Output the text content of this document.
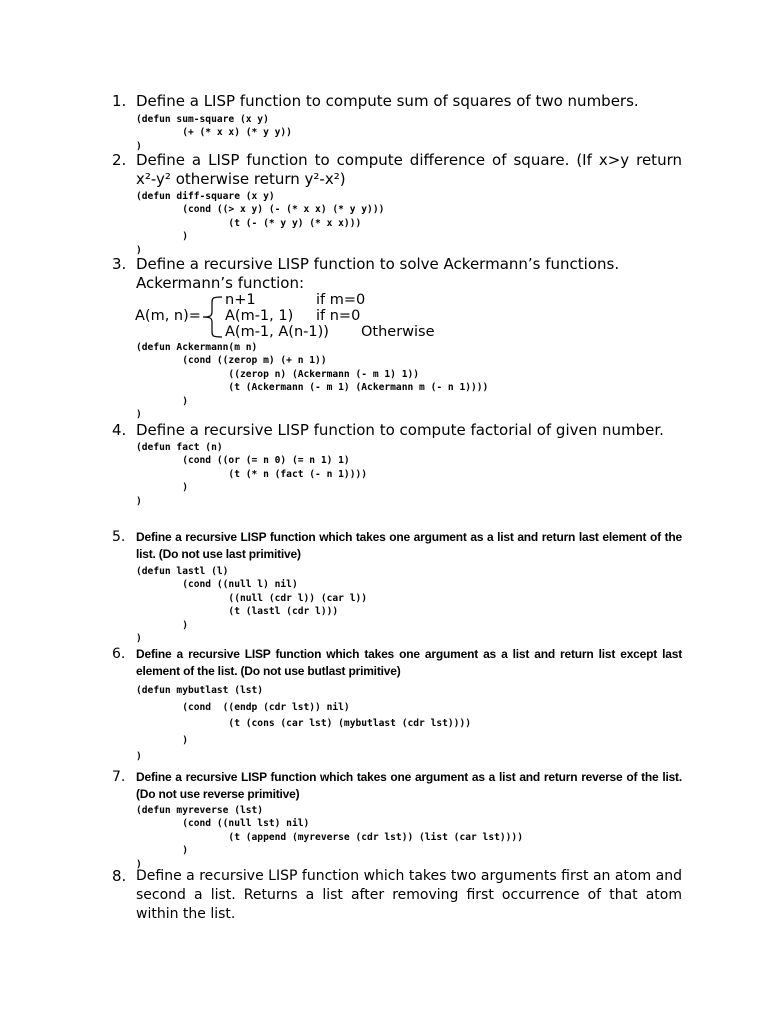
1. Define a LISP function to compute sum of squares of two numbers.
(defun sum-square (x y)
(+ (* x x) (* y y))
)
2. Define a LISP function to compute difference of square. (If x>y return x²-y² otherwise return y²-x²)
(defun diff-square (x y)
(cond ((> x y) (- (* x x) (* y y)))
(t (- (* y y) (* x x)))
)
)
3. Define a recursive LISP function to solve Ackermann’s functions.
Ackermann’s function:
A(m, n)=
n+1	if m=0
A(m-1, 1) if n=0
A(m-1, A(n-1)) Otherwise
(defun Ackermann(m n)
(cond ((zerop m) (+ n 1))
((zerop n) (Ackermann (- m 1) 1))
(t (Ackermann (- m 1) (Ackermann m (- n 1))))
)
)
4. Define a recursive LISP function to compute factorial of given number.
(defun fact (n)
(cond ((or (= n 0) (= n 1) 1)
(t (* n (fact (- n 1))))
)
)
5. Define a recursive LISP function which takes one argument as a list and return last element of the list. (Do not use last primitive)
(defun lastl (l)
(cond ((null l) nil)
((null (cdr l)) (car l))
(t (lastl (cdr l)))
)
)
6. Define a recursive LISP function which takes one argument as a list and return list except last element of the list. (Do not use butlast primitive)
(defun mybutlast (lst)
(cond  ((endp (cdr lst)) nil)
(t (cons (car lst) (mybutlast (cdr lst))))
)
)
7. Define a recursive LISP function which takes one argument as a list and return reverse of the list. (Do not use reverse primitive)
(defun myreverse (lst)
(cond ((null lst) nil)
(t (append (myreverse (cdr lst)) (list (car lst))))
)
)
8. Define a recursive LISP function which takes two arguments first an atom and second a list. Returns a list after removing first occurrence of that atom within the list.
